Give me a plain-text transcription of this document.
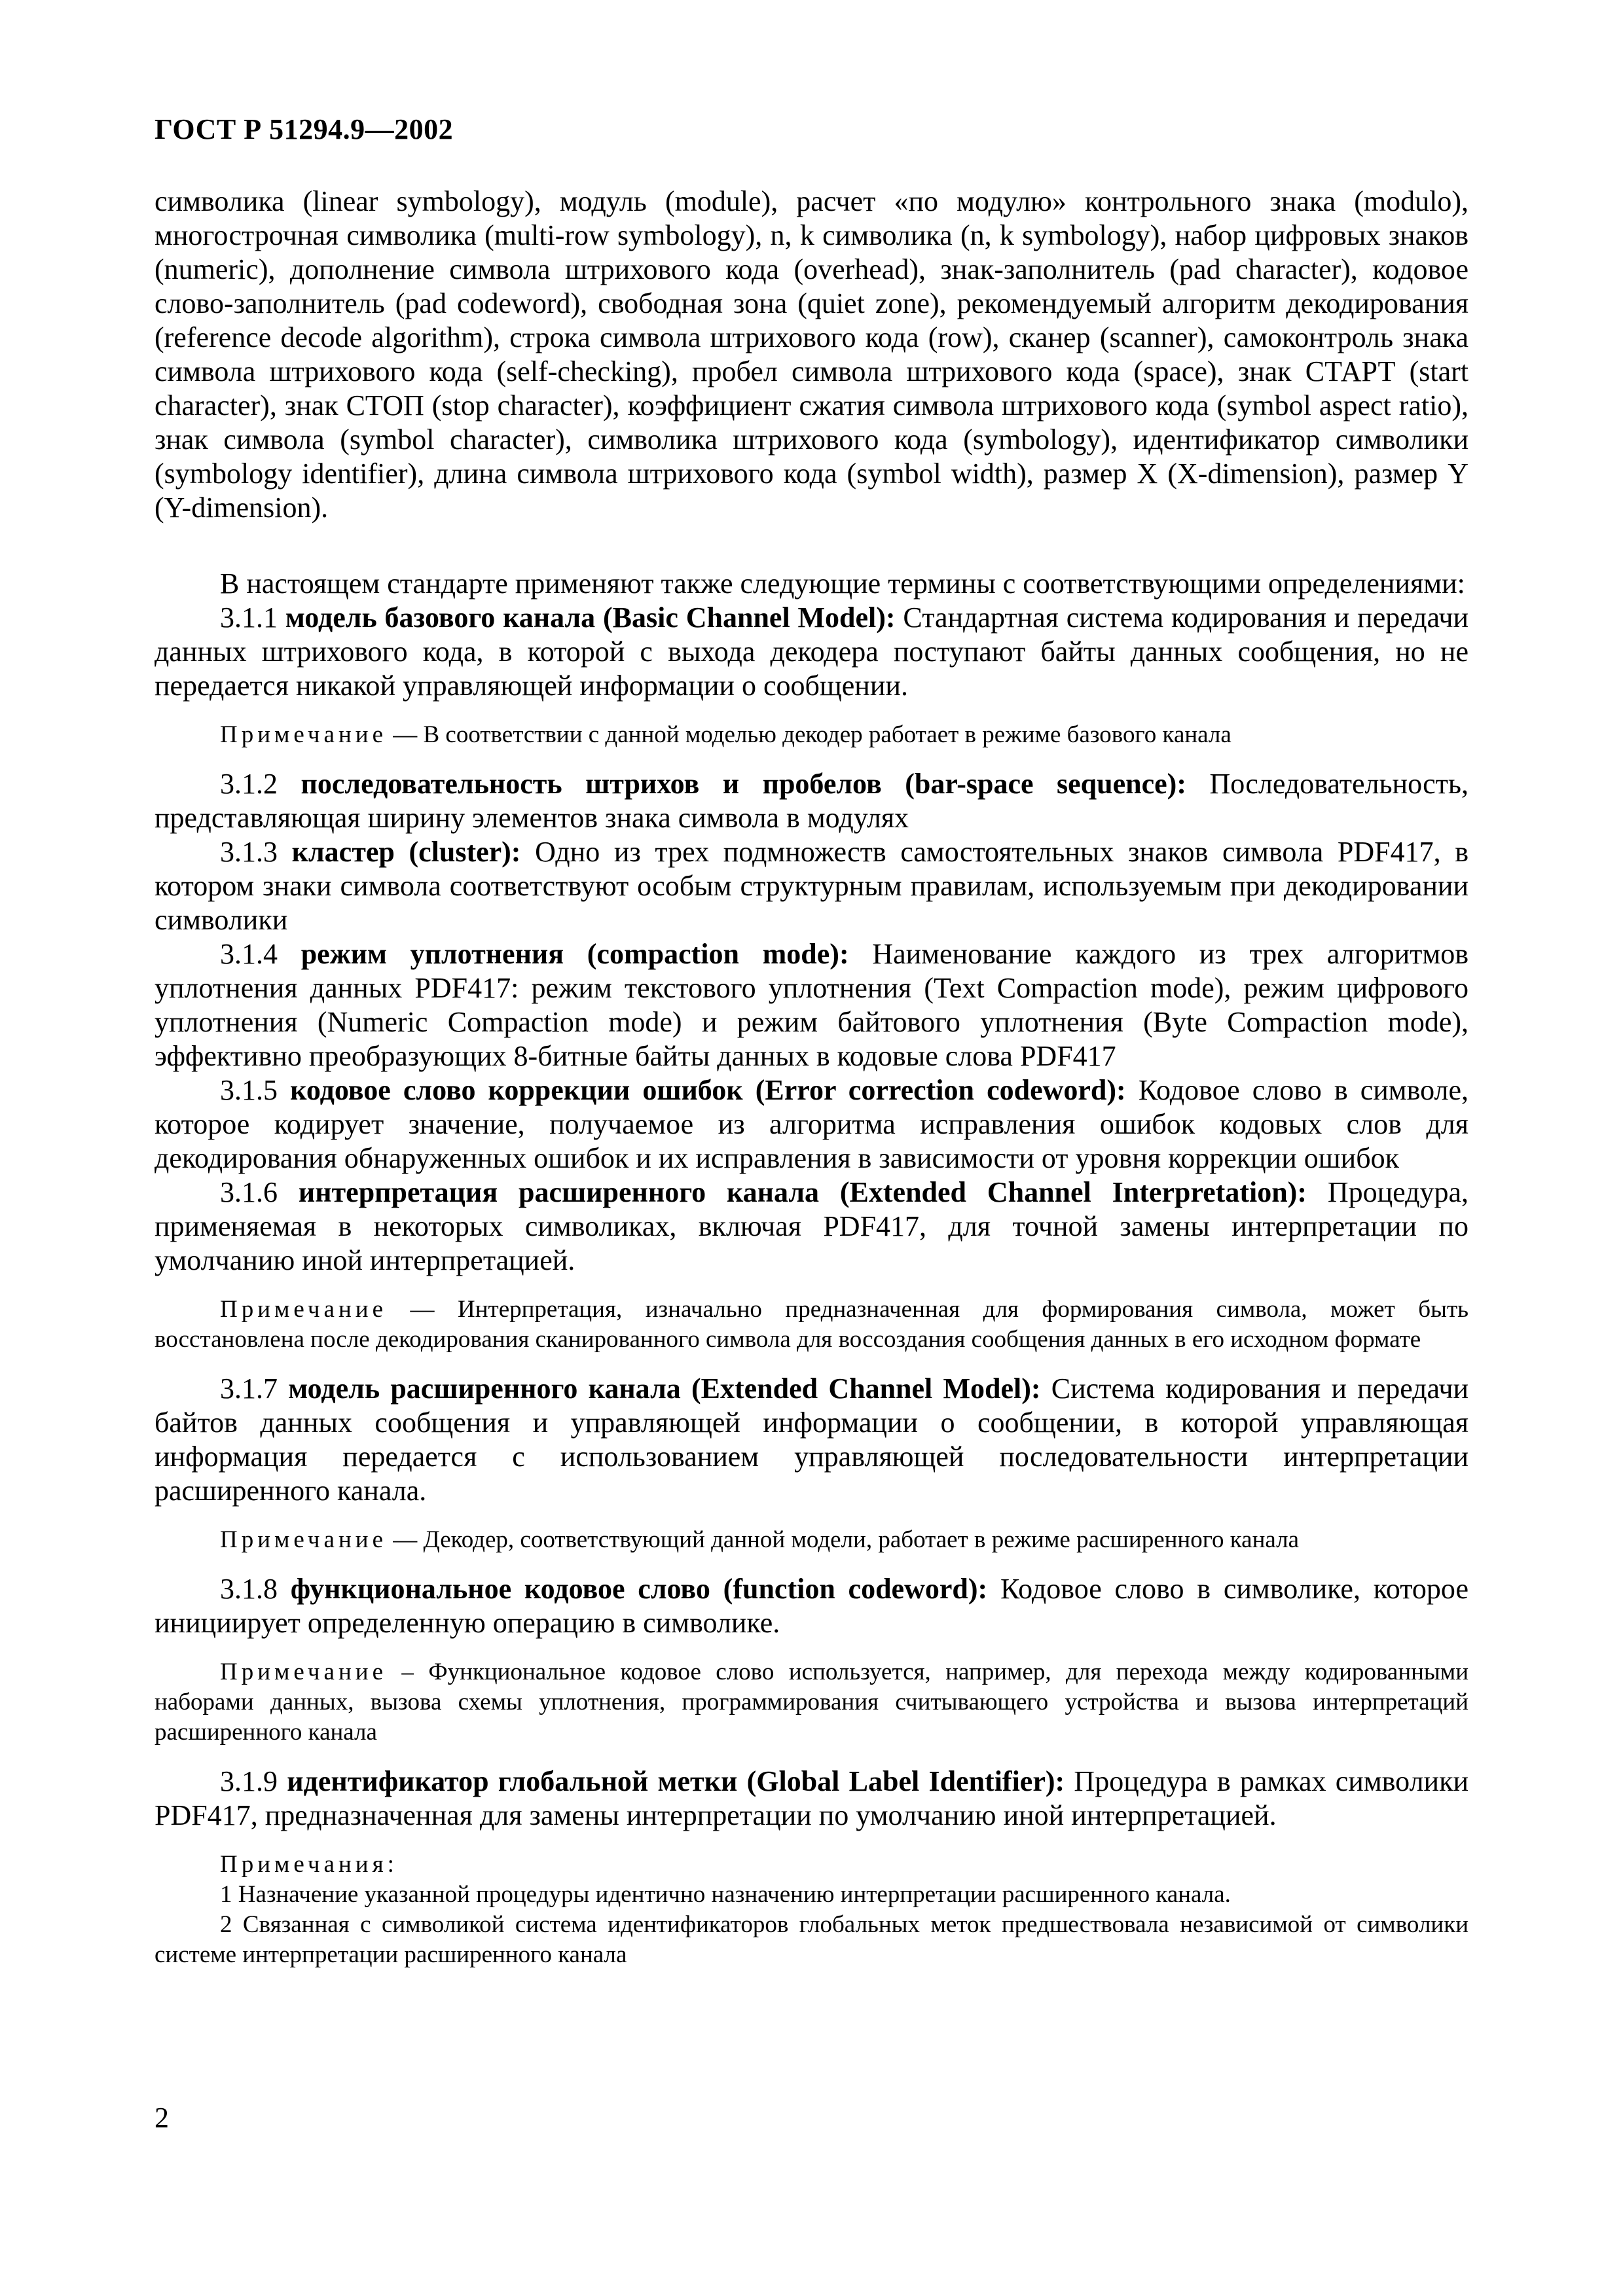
ГОСТ Р 51294.9—2002

символика (linear symbology), модуль (module), расчет «по модулю» контрольного знака (modulo), многострочная символика (multi-row symbology), n, k символика (n, k symbology), набор цифровых знаков (numeric), дополнение символа штрихового кода (overhead), знак-заполнитель (pad character), кодовое слово-заполнитель (pad codeword), свободная зона (quiet zone), рекомендуемый алгоритм декодирования (reference decode algorithm), строка символа штрихового кода (row), сканер (scanner), самоконтроль знака символа штрихового кода (self-checking), пробел символа штрихового кода (space), знак СТАРТ (start character), знак СТОП (stop character), коэффициент сжатия символа штрихового кода (symbol aspect ratio), знак символа (symbol character), символика штрихового кода (symbology), идентификатор символики (symbology identifier), длина символа штрихового кода (symbol width), размер X (X-dimension), размер Y (Y-dimension).

В настоящем стандарте применяют также следующие термины с соответствующими определениями:

3.1.1 модель базового канала (Basic Channel Model): Стандартная система кодирования и передачи данных штрихового кода, в которой с выхода декодера поступают байты данных сообщения, но не передается никакой управляющей информации о сообщении.

Примечание — В соответствии с данной моделью декодер работает в режиме базового канала

3.1.2 последовательность штрихов и пробелов (bar-space sequence): Последовательность, представляющая ширину элементов знака символа в модулях

3.1.3 кластер (cluster): Одно из трех подмножеств самостоятельных знаков символа PDF417, в котором знаки символа соответствуют особым структурным правилам, используемым при декодировании символики

3.1.4 режим уплотнения (compaction mode): Наименование каждого из трех алгоритмов уплотнения данных PDF417: режим текстового уплотнения (Text Compaction mode), режим цифрового уплотнения (Numeric Compaction mode) и режим байтового уплотнения (Byte Compaction mode), эффективно преобразующих 8-битные байты данных в кодовые слова PDF417

3.1.5 кодовое слово коррекции ошибок (Error correction codeword): Кодовое слово в символе, которое кодирует значение, получаемое из алгоритма исправления ошибок кодовых слов для декодирования обнаруженных ошибок и их исправления в зависимости от уровня коррекции ошибок

3.1.6 интерпретация расширенного канала (Extended Channel Interpretation): Процедура, применяемая в некоторых символиках, включая PDF417, для точной замены интерпретации по умолчанию иной интерпретацией.

Примечание — Интерпретация, изначально предназначенная для формирования символа, может быть восстановлена после декодирования сканированного символа для воссоздания сообщения данных в его исходном формате

3.1.7 модель расширенного канала (Extended Channel Model): Система кодирования и передачи байтов данных сообщения и управляющей информации о сообщении, в которой управляющая информация передается с использованием управляющей последовательности интерпретации расширенного канала.

Примечание — Декодер, соответствующий данной модели, работает в режиме расширенного канала

3.1.8 функциональное кодовое слово (function codeword): Кодовое слово в символике, которое инициирует определенную операцию в символике.

Примечание – Функциональное кодовое слово используется, например, для перехода между кодированными наборами данных, вызова схемы уплотнения, программирования считывающего устройства и вызова интерпретаций расширенного канала

3.1.9 идентификатор глобальной метки (Global Label Identifier): Процедура в рамках символики PDF417, предназначенная для замены интерпретации по умолчанию иной интерпретацией.

Примечания:

1 Назначение указанной процедуры идентично назначению интерпретации расширенного канала.

2 Связанная с символикой система идентификаторов глобальных меток предшествовала независимой от символики системе интерпретации расширенного канала

2
